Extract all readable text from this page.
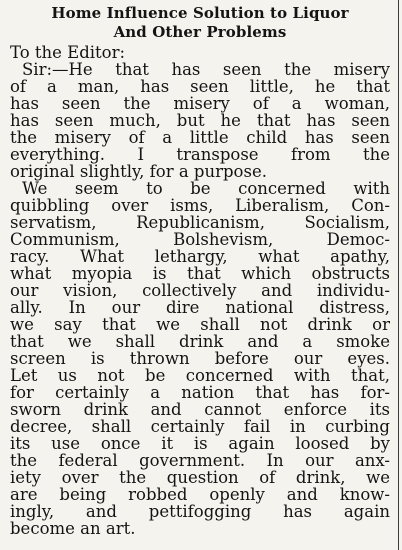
Home Influence Solution to Liquor
And Other Problems
To the Editor:
Sir:—He that has seen the misery
of a man, has seen little, he that
has seen the misery of a woman,
has seen much, but he that has seen
the misery of a little child has seen
everything. I transpose from the
original slightly, for a purpose.
We seem to be concerned with
quibbling over isms, Liberalism, Con-
servatism, Republicanism, Socialism,
Communism, Bolshevism, Democ-
racy. What lethargy, what apathy,
what myopia is that which obstructs
our vision, collectively and individu-
ally. In our dire national distress,
we say that we shall not drink or
that we shall drink and a smoke
screen is thrown before our eyes.
Let us not be concerned with that,
for certainly a nation that has for-
sworn drink and cannot enforce its
decree, shall certainly fail in curbing
its use once it is again loosed by
the federal government. In our anx-
iety over the question of drink, we
are being robbed openly and know-
ingly, and pettifogging has again
become an art.
